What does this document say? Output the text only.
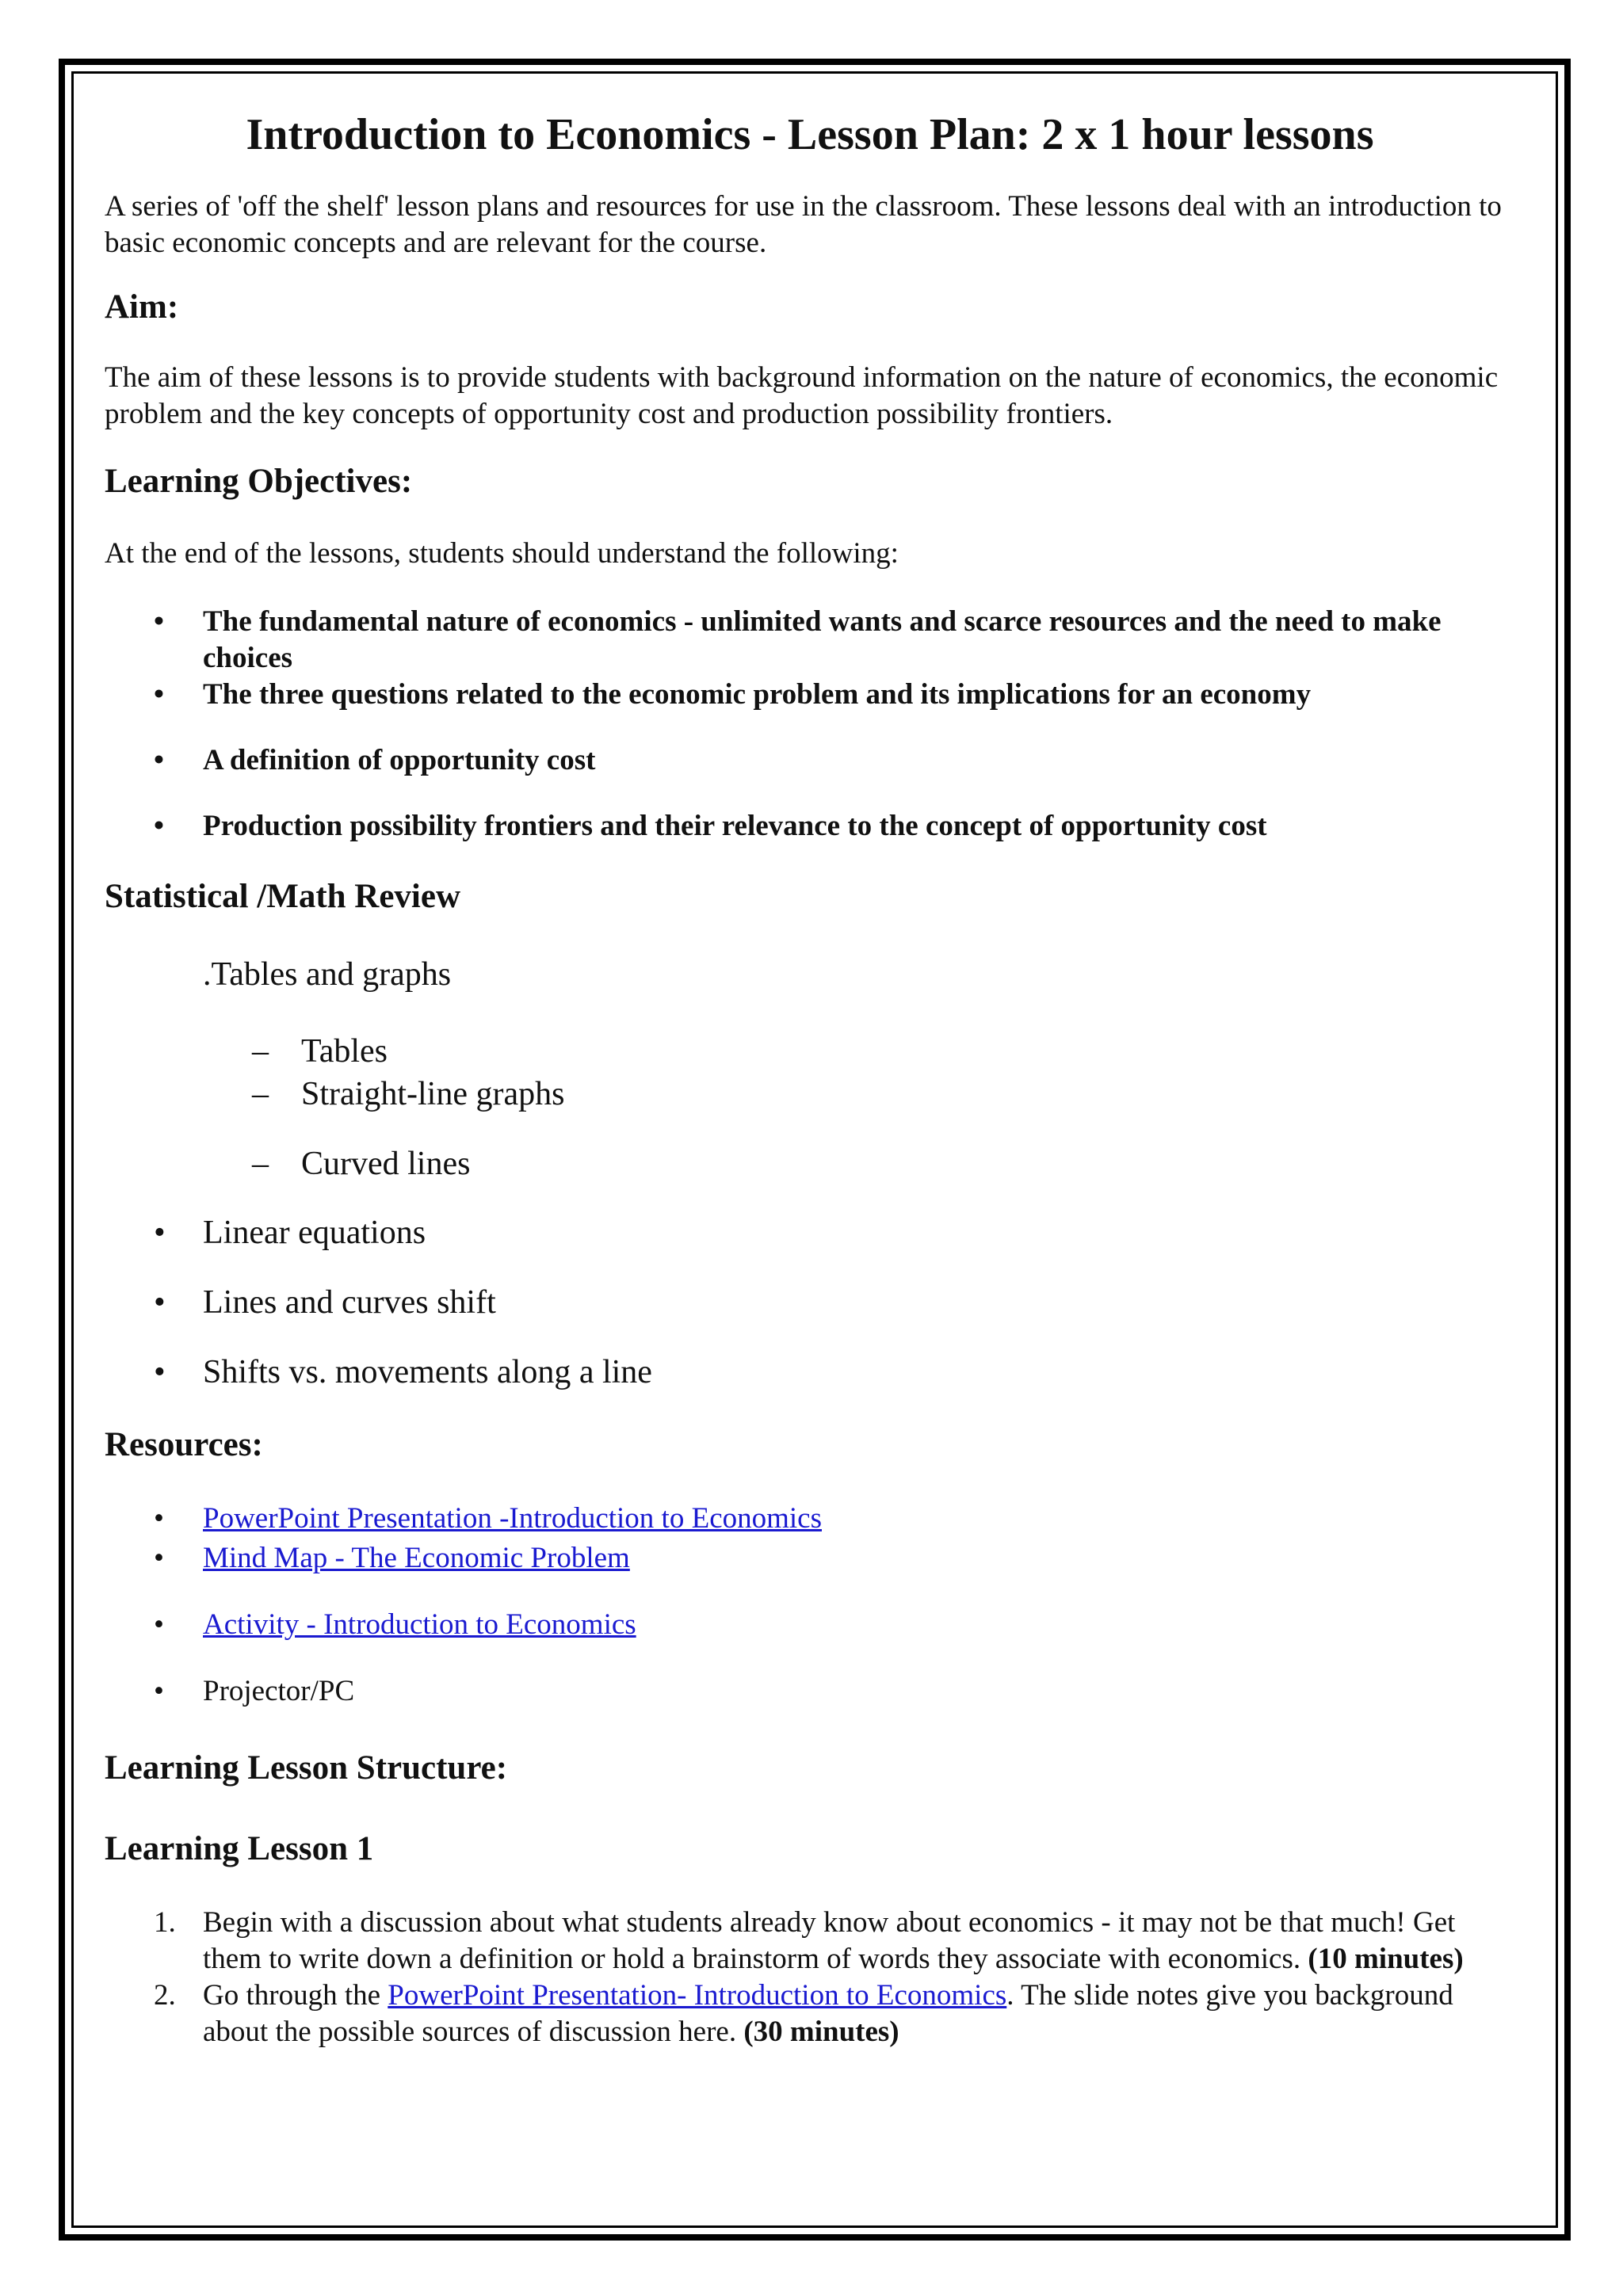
Introduction to Economics - Lesson Plan: 2 x 1 hour lessons

A series of 'off the shelf' lesson plans and resources for use in the classroom. These lessons deal with an introduction to basic economic concepts and are relevant for the course.

Aim:

The aim of these lessons is to provide students with background information on the nature of economics, the economic problem and the key concepts of opportunity cost and production possibility frontiers.

Learning Objectives:

At the end of the lessons, students should understand the following:

• The fundamental nature of economics - unlimited wants and scarce resources and the need to make choices
• The three questions related to the economic problem and its implications for an economy
• A definition of opportunity cost
• Production possibility frontiers and their relevance to the concept of opportunity cost
Statistical /Math Review

.Tables and graphs

– Tables
– Straight-line graphs
– Curved lines
• Linear equations
• Lines and curves shift
• Shifts vs. movements along a line
Resources:
• PowerPoint Presentation -Introduction to Economics
• Mind Map - The Economic Problem
• Activity - Introduction to Economics
• Projector/PC
Learning Lesson Structure:
Learning Lesson 1
1. Begin with a discussion about what students already know about economics - it may not be that much! Get them to write down a definition or hold a brainstorm of words they associate with economics. (10 minutes)
2. Go through the PowerPoint Presentation- Introduction to Economics. The slide notes give you background about the possible sources of discussion here. (30 minutes)
